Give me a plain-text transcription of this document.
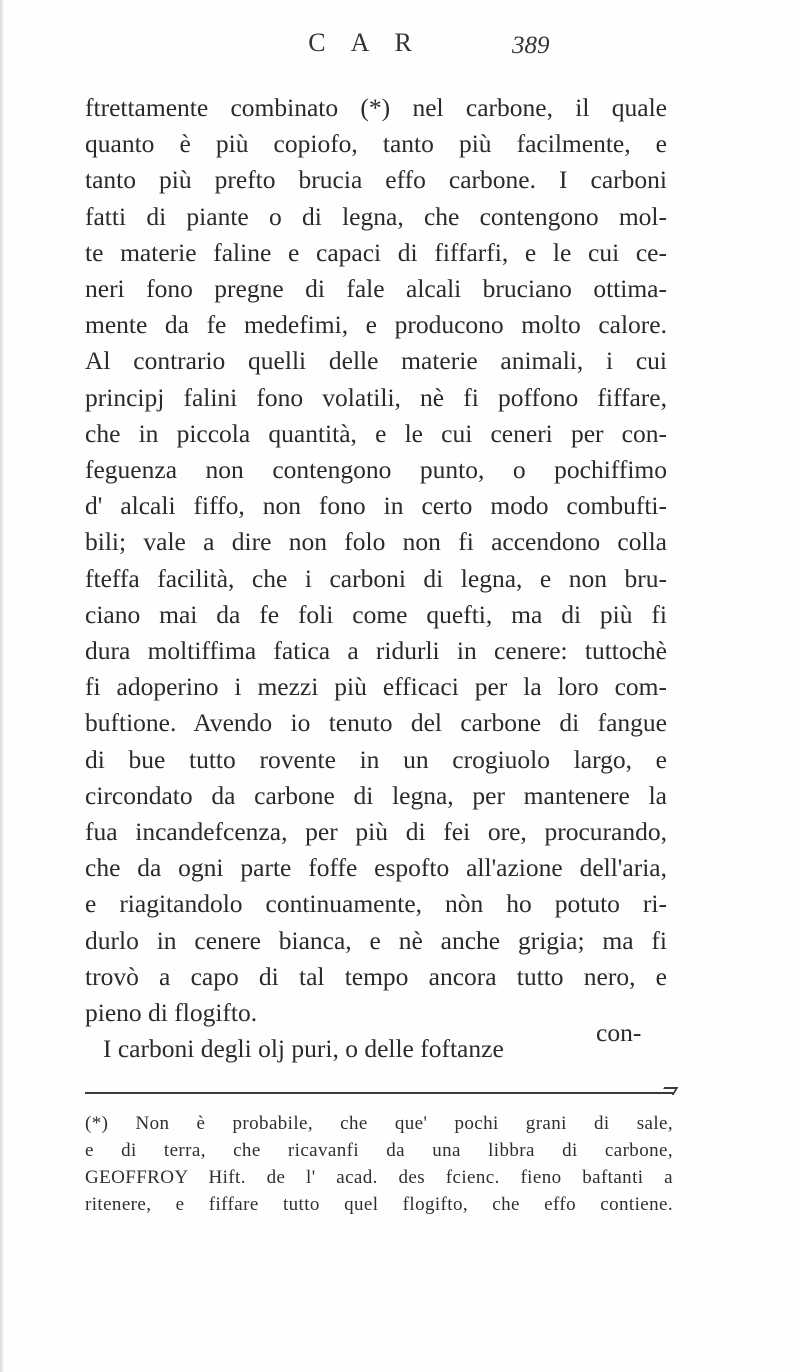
C A R	389
ftrettamente combinato (*) nel carbone, il quale
quanto è più copiofo, tanto più facilmente, e
tanto più prefto brucia effo carbone. I carboni
fatti di piante o di legna, che contengono mol-
te materie faline e capaci di fiffarfi, e le cui ce-
neri fono pregne di fale alcali bruciano ottima-
mente da fe medefimi, e producono molto calore.
Al contrario quelli delle materie animali, i cui
principj falini fono volatili, nè fi poffono fiffare,
che in piccola quantità, e le cui ceneri per con-
feguenza non contengono punto, o pochiffimo
d' alcali fiffo, non fono in certo modo combufti-
bili; vale a dire non folo non fi accendono colla
fteffa facilità, che i carboni di legna, e non bru-
ciano mai da fe foli come quefti, ma di più fi
dura moltiffima fatica a ridurli in cenere: tuttochè
fi adoperino i mezzi più efficaci per la loro com-
buftione. Avendo io tenuto del carbone di fangue
di bue tutto rovente in un crogiuolo largo, e
circondato da carbone di legna, per mantenere la
fua incandefcenza, per più di fei ore, procurando,
che da ogni parte foffe espofto all'azione dell'aria,
e riagitandolo continuamente, nòn ho potuto ri-
durlo in cenere bianca, e nè anche grigia; ma fi
trovò a capo di tal tempo ancora tutto nero, e
pieno di flogifto.
I carboni degli olj puri, o delle foftanze
con-
(*) Non è probabile, che que' pochi grani di sale,
e di terra, che ricavanfi da una libbra di carbone,
GEOFFROY Hift. de l' acad. des fcienc. fieno baftanti a
ritenere, e fiffare tutto quel flogifto, che effo contiene.
